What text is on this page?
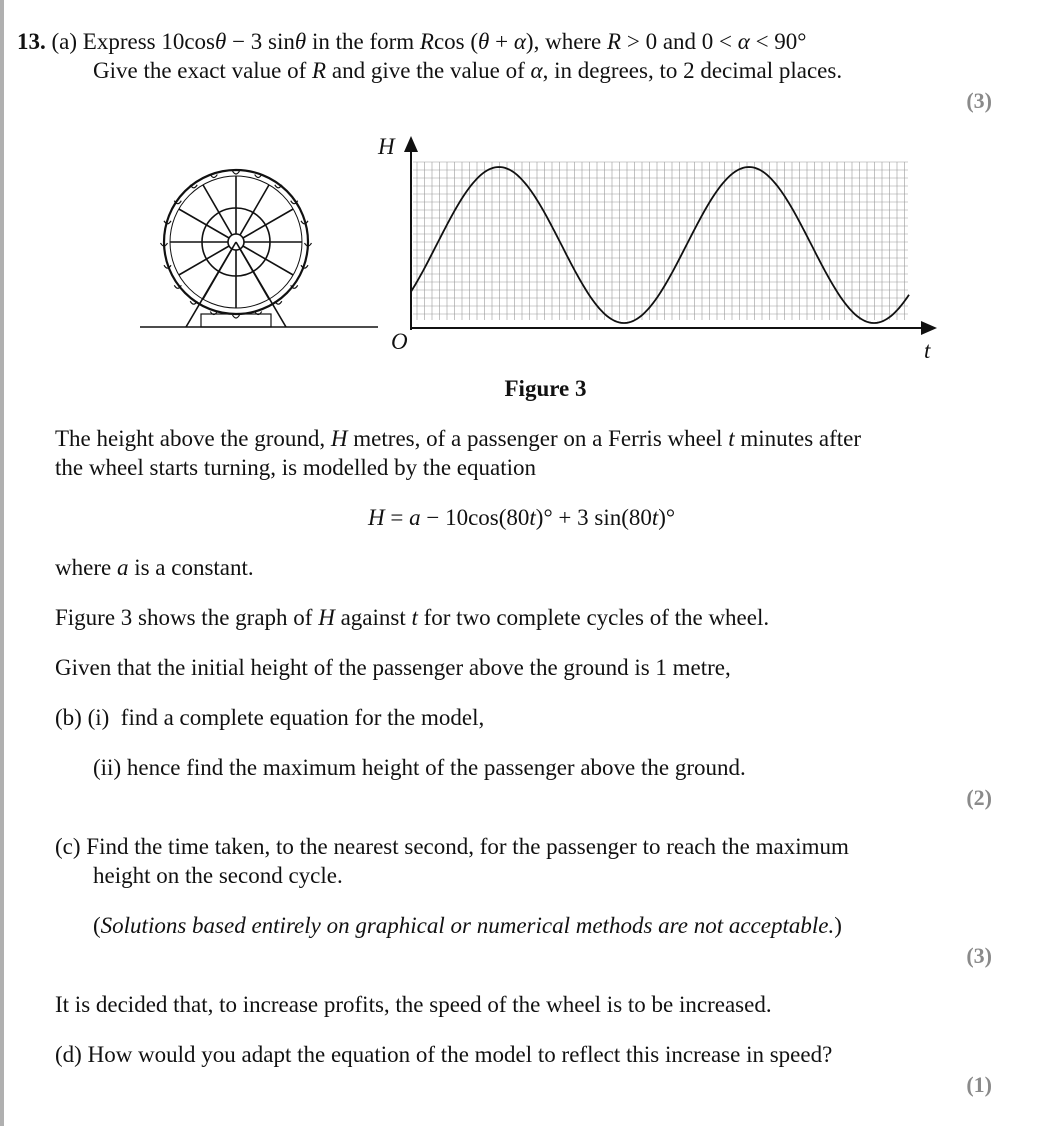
13. (a) Express 10cosθ − 3 sinθ in the form Rcos (θ + α), where R > 0 and 0 < α < 90°
Give the exact value of R and give the value of α, in degrees, to 2 decimal places.
(3)
H
t
O
Figure 3
The height above the ground, H metres, of a passenger on a Ferris wheel t minutes after
the wheel starts turning, is modelled by the equation
H = a − 10cos(80t)° + 3 sin(80t)°
where a is a constant.
Figure 3 shows the graph of H against t for two complete cycles of the wheel.
Given that the initial height of the passenger above the ground is 1 metre,
(b) (i) find a complete equation for the model,
(ii) hence find the maximum height of the passenger above the ground.
(2)
(c) Find the time taken, to the nearest second, for the passenger to reach the maximum
height on the second cycle.
(Solutions based entirely on graphical or numerical methods are not acceptable.)
(3)
It is decided that, to increase profits, the speed of the wheel is to be increased.
(d) How would you adapt the equation of the model to reflect this increase in speed?
(1)
